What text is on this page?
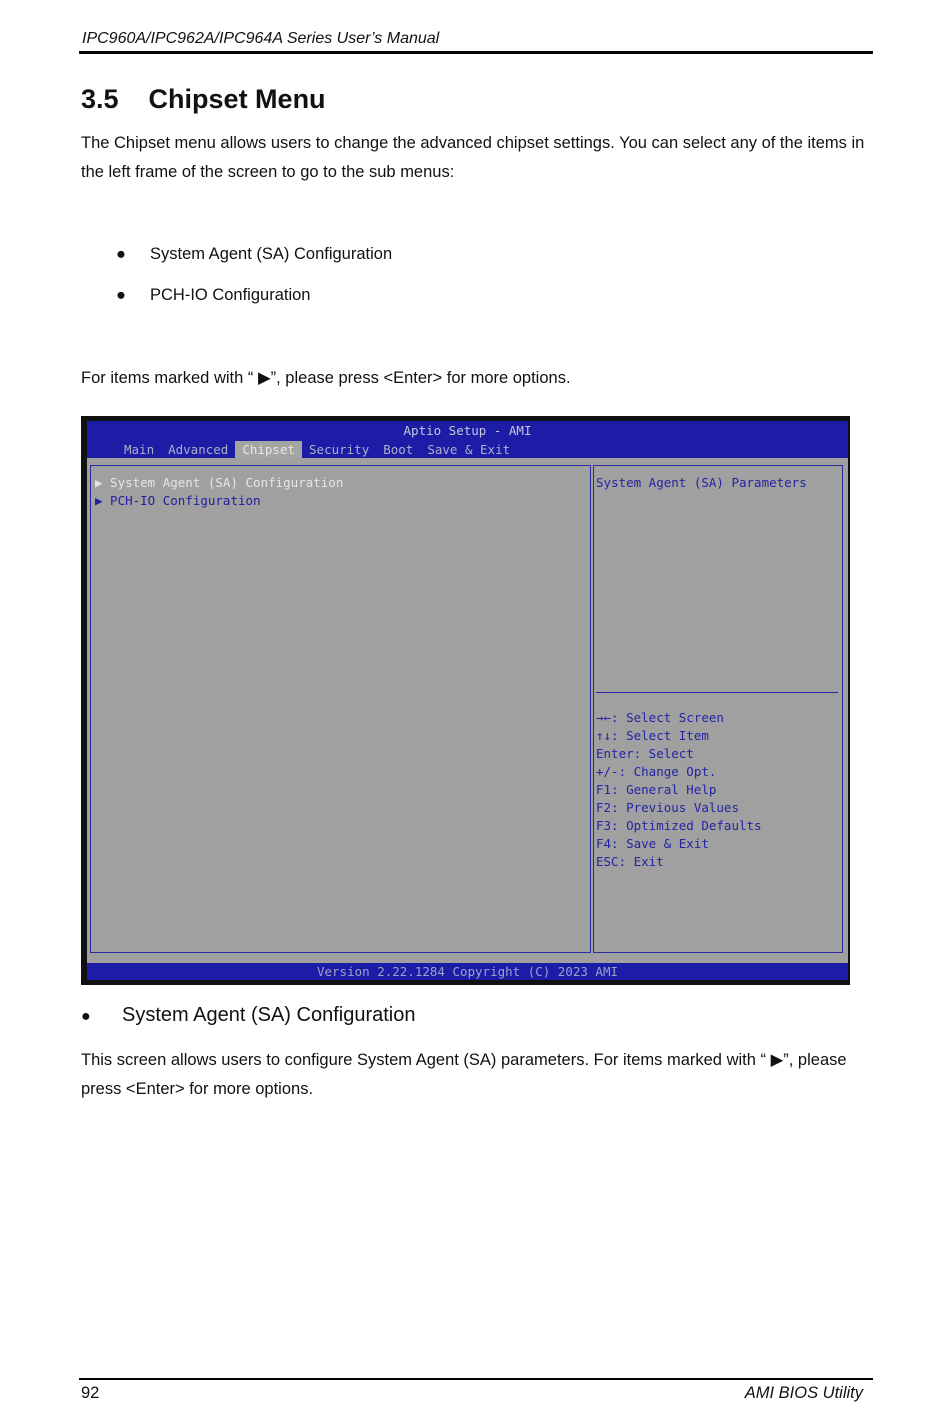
IPC960A/IPC962A/IPC964A Series User’s Manual
3.5 Chipset Menu
The Chipset menu allows users to change the advanced chipset settings. You can select any of the items in the left frame of the screen to go to the sub menus:
● System Agent (SA) Configuration
● PCH-IO Configuration
For items marked with “ ▶”, please press <Enter> for more options.
Aptio Setup - AMI
Main	Advanced	Chipset	Security	Boot	Save & Exit
▶ System Agent (SA) Configuration
▶ PCH-IO Configuration
System Agent (SA) Parameters
→←: Select Screen
↑↓: Select Item
Enter: Select
+/-: Change Opt.
F1: General Help
F2: Previous Values
F3: Optimized Defaults
F4: Save & Exit
ESC: Exit
Version 2.22.1284 Copyright (C) 2023 AMI
● System Agent (SA) Configuration
This screen allows users to configure System Agent (SA) parameters. For items marked with “ ▶”, please press <Enter> for more options.
92	AMI BIOS Utility
